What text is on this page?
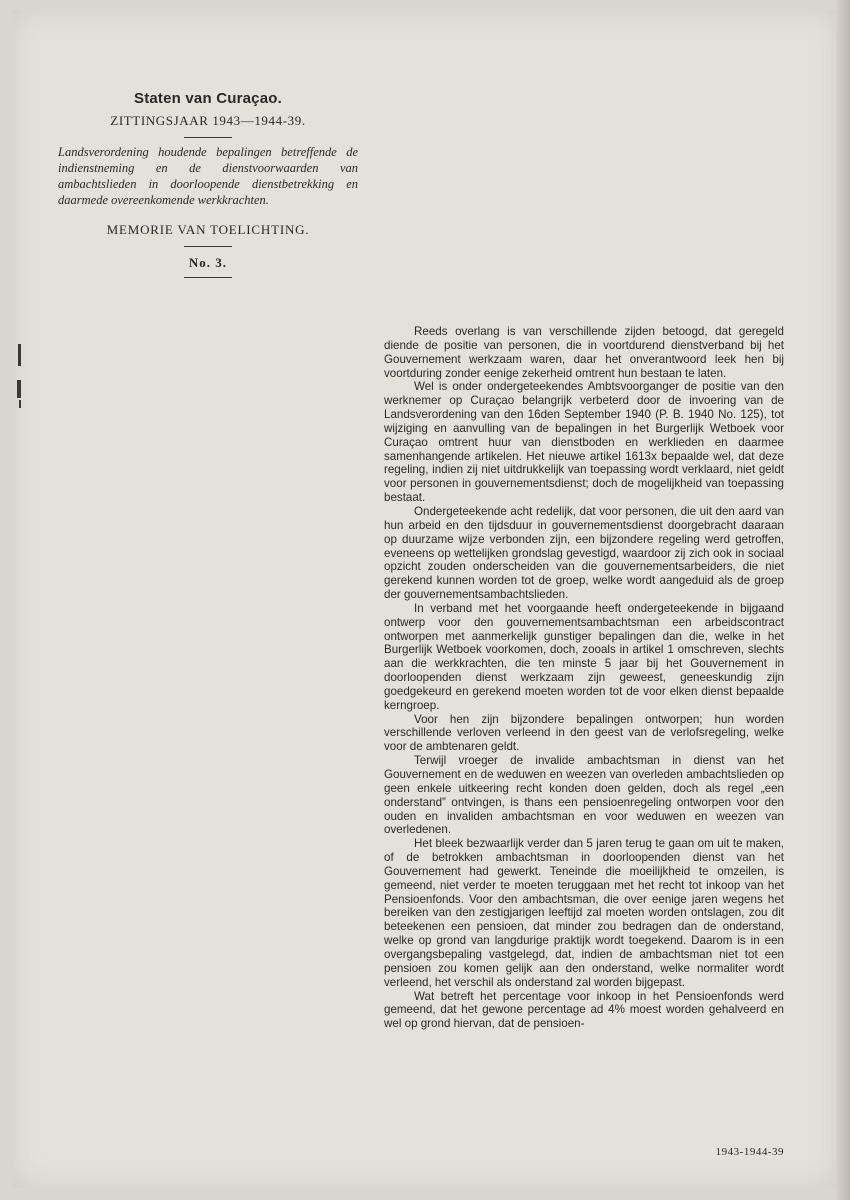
Staten van Curaçao.
ZITTINGSJAAR 1943—1944-39.
Landsverordening houdende bepalingen betreffende de indienstneming en de dienstvoorwaarden van ambachtslieden in doorloopende dienstbetrekking en daarmede overeenkomende werkkrachten.
MEMORIE VAN TOELICHTING.
No. 3.

Reeds overlang is van verschillende zijden betoogd, dat geregeld diende de positie van personen, die in voortdurend dienstverband bij het Gouvernement werkzaam waren, daar het onverantwoord leek hen bij voortduring zonder eenige zekerheid omtrent hun bestaan te laten.

Wel is onder ondergeteekendes Ambtsvoorganger de positie van den werknemer op Curaçao belangrijk verbeterd door de invoering van de Landsverordening van den 16den September 1940 (P. B. 1940 No. 125), tot wijziging en aanvulling van de bepalingen in het Burgerlijk Wetboek voor Curaçao omtrent huur van dienstboden en werklieden en daarmee samenhangende artikelen. Het nieuwe artikel 1613x bepaalde wel, dat deze regeling, indien zij niet uitdrukkelijk van toepassing wordt verklaard, niet geldt voor personen in gouvernementsdienst; doch de mogelijkheid van toepassing bestaat.

Ondergeteekende acht redelijk, dat voor personen, die uit den aard van hun arbeid en den tijdsduur in gouvernementsdienst doorgebracht daaraan op duurzame wijze verbonden zijn, een bijzondere regeling werd getroffen, eveneens op wettelijken grondslag gevestigd, waardoor zij zich ook in sociaal opzicht zouden onderscheiden van die gouvernementsarbeiders, die niet gerekend kunnen worden tot de groep, welke wordt aangeduid als de groep der gouvernementsambachtslieden.

In verband met het voorgaande heeft ondergeteekende in bijgaand ontwerp voor den gouvernementsambachtsman een arbeidscontract ontworpen met aanmerkelijk gunstiger bepalingen dan die, welke in het Burgerlijk Wetboek voorkomen, doch, zooals in artikel 1 omschreven, slechts aan die werkkrachten, die ten minste 5 jaar bij het Gouvernement in doorloopenden dienst werkzaam zijn geweest, geneeskundig zijn goedgekeurd en gerekend moeten worden tot de voor elken dienst bepaalde kerngroep.

Voor hen zijn bijzondere bepalingen ontworpen; hun worden verschillende verloven verleend in den geest van de verlofsregeling, welke voor de ambtenaren geldt.

Terwijl vroeger de invalide ambachtsman in dienst van het Gouvernement en de weduwen en weezen van overleden ambachtslieden op geen enkele uitkeering recht konden doen gelden, doch als regel „een onderstand” ontvingen, is thans een pensioenregeling ontworpen voor den ouden en invaliden ambachtsman en voor weduwen en weezen van overledenen.

Het bleek bezwaarlijk verder dan 5 jaren terug te gaan om uit te maken, of de betrokken ambachtsman in doorloopenden dienst van het Gouvernement had gewerkt. Teneinde die moeilijkheid te omzeilen, is gemeend, niet verder te moeten teruggaan met het recht tot inkoop van het Pensioenfonds. Voor den ambachtsman, die over eenige jaren wegens het bereiken van den zestigjarigen leeftijd zal moeten worden ontslagen, zou dit beteekenen een pensioen, dat minder zou bedragen dan de onderstand, welke op grond van langdurige praktijk wordt toegekend. Daarom is in een overgangsbepaling vastgelegd, dat, indien de ambachtsman niet tot een pensioen zou komen gelijk aan den onderstand, welke normaliter wordt verleend, het verschil als onderstand zal worden bijgepast.

Wat betreft het percentage voor inkoop in het Pensioenfonds werd gemeend, dat het gewone percentage ad 4% moest worden gehalveerd en wel op grond hiervan, dat de pensioen-

1943-1944-39
